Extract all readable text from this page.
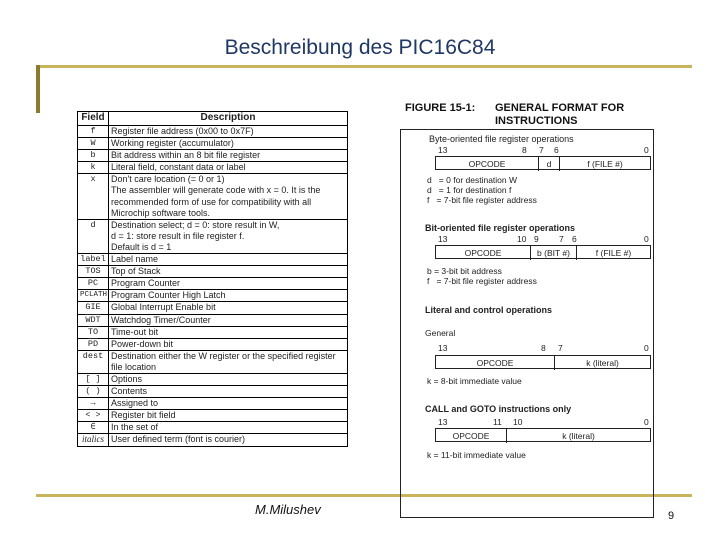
Beschreibung des PIC16C84
Field	Description
f	Register file address (0x00 to 0x7F)
W	Working register (accumulator)
b	Bit address within an 8 bit file register
k	Literal field, constant data or label
x	Don't care location (= 0 or 1)
The assembler will generate code with x = 0. It is the recommended form of use for compatibility with all Microchip software tools.
d	Destination select; d = 0: store result in W,
d = 1: store result in file register f.
Default is d = 1
label	Label name
TOS	Top of Stack
PC	Program Counter
PCLATH	Program Counter High Latch
GIE	Global Interrupt Enable bit
$\overline{WDT}$	Watchdog Timer/Counter
$\overline{TO}$	Time-out bit
$\overline{PD}$	Power-down bit
dest	Destination either the W register or the specified register file location
[ ]	Options
( )	Contents
→	Assigned to
< >	Register bit field
∈	In the set of
italics	User defined term (font is courier)
FIGURE 15-1: GENERAL FORMAT FOR
INSTRUCTIONS
Byte-oriented file register operations
13	8 7 6	0
OPCODE	d	f (FILE #)
d   = 0 for destination W
d   = 1 for destination f
f   = 7-bit file register address
Bit-oriented file register operations
13	10 9 7 6	0
OPCODE	b (BIT #)	f (FILE #)
b = 3-bit bit address
f   = 7-bit file register address
Literal and control operations
General
13	8 7	0
OPCODE	k (literal)
k = 8-bit immediate value
CALL and GOTO instructions only
13	11 10	0
OPCODE	k (literal)
k = 11-bit immediate value
M.Milushev	9
